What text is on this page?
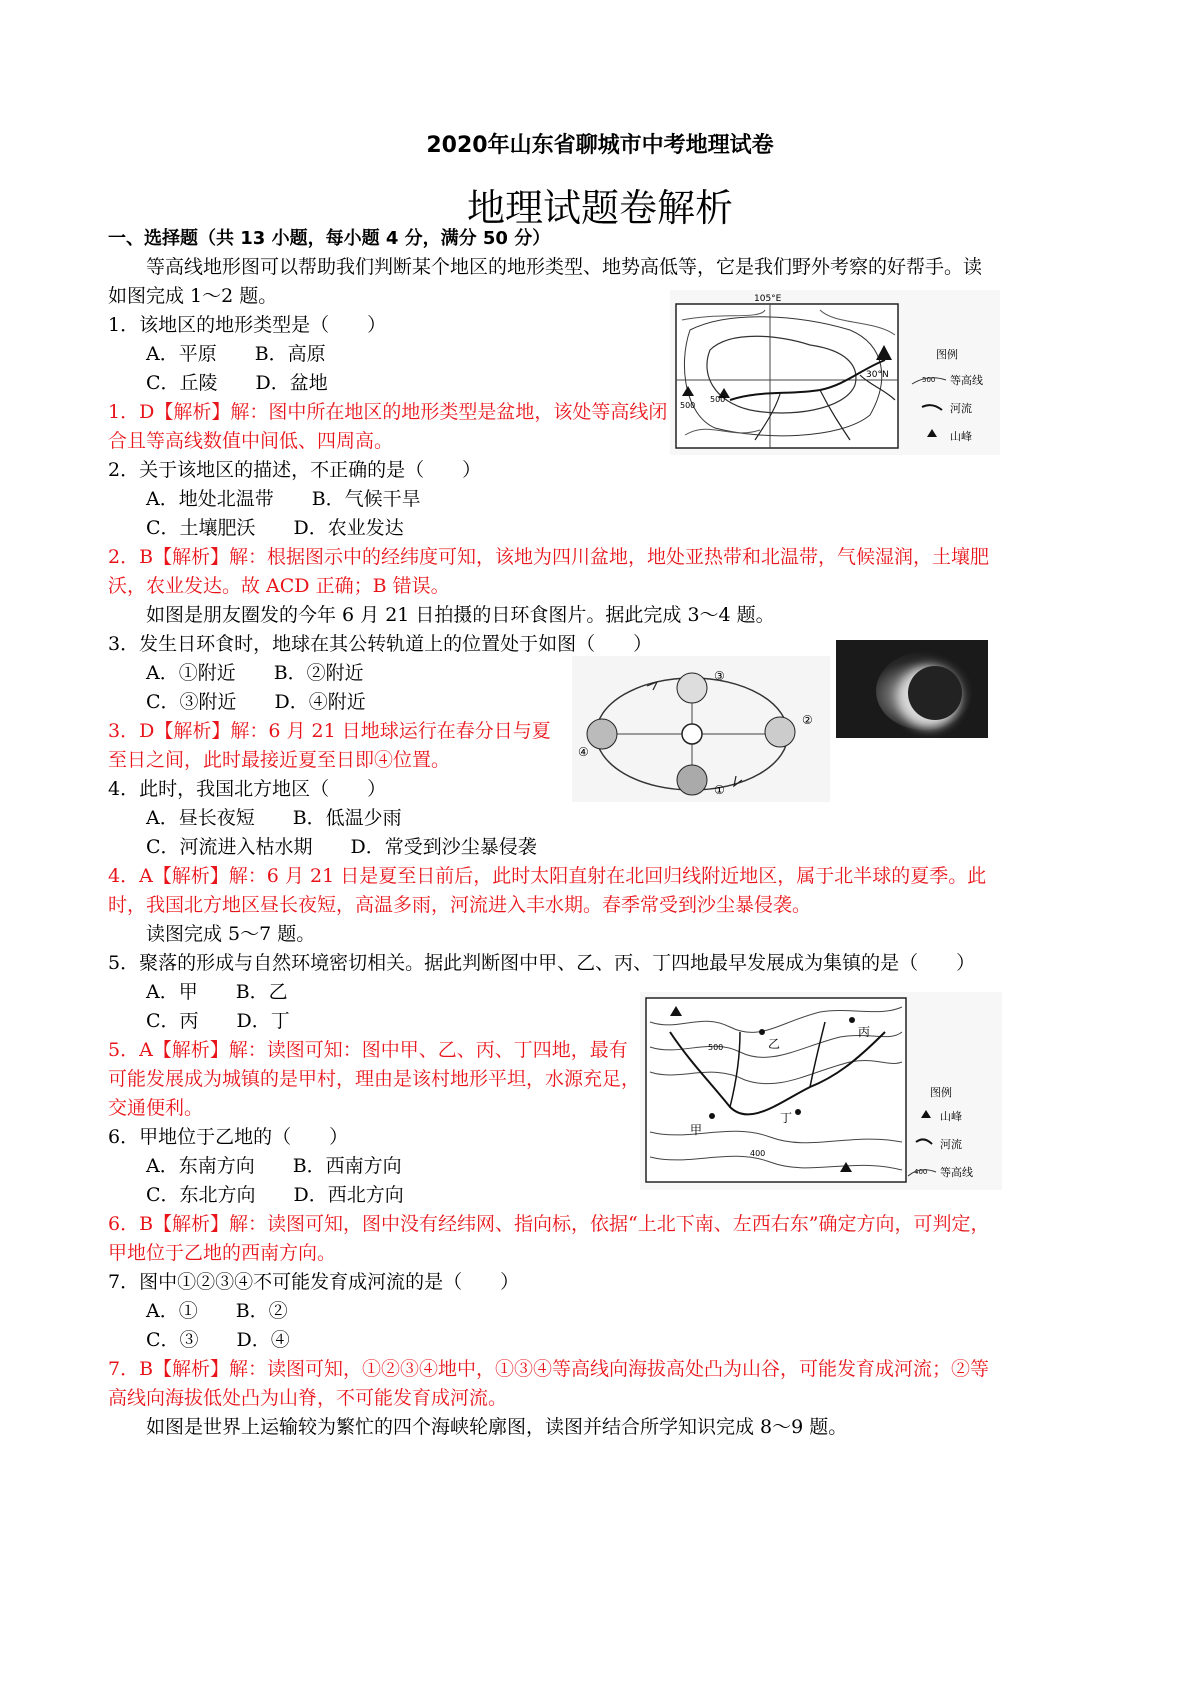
2020年山东省聊城市中考地理试卷
地理试题卷解析
一、选择题（共 13 小题，每小题 4 分，满分 50 分）
等高线地形图可以帮助我们判断某个地区的地形类型、地势高低等，它是我们野外考察的好帮手。读
如图完成 1～2 题。
1．该地区的地形类型是（　　）
A．平原　　B．高原
C．丘陵　　D．盆地
1．D【解析】解：图中所在地区的地形类型是盆地，该处等高线闭
合且等高线数值中间低、四周高。
2．关于该地区的描述，不正确的是（　　）
A．地处北温带　　B．气候干旱
C．土壤肥沃　　D．农业发达
2．B【解析】解：根据图示中的经纬度可知，该地为四川盆地，地处亚热带和北温带，气候湿润，土壤肥
沃，农业发达。故 ACD 正确；B 错误。
如图是朋友圈发的今年 6 月 21 日拍摄的日环食图片。据此完成 3～4 题。
3．发生日环食时，地球在其公转轨道上的位置处于如图（　　）
A．①附近　　B．②附近
C．③附近　　D．④附近
3．D【解析】解：6 月 21 日地球运行在春分日与夏
至日之间，此时最接近夏至日即④位置。
4．此时，我国北方地区（　　）
A．昼长夜短　　B．低温少雨
C．河流进入枯水期　　D．常受到沙尘暴侵袭
4．A【解析】解：6 月 21 日是夏至日前后，此时太阳直射在北回归线附近地区，属于北半球的夏季。此
时，我国北方地区昼长夜短，高温多雨，河流进入丰水期。春季常受到沙尘暴侵袭。
读图完成 5～7 题。
5．聚落的形成与自然环境密切相关。据此判断图中甲、乙、丙、丁四地最早发展成为集镇的是（　　）
A．甲　　B．乙
C．丙　　D．丁
5．A【解析】解：读图可知：图中甲、乙、丙、丁四地，最有
可能发展成为城镇的是甲村，理由是该村地形平坦，水源充足，
交通便利。
6．甲地位于乙地的（　　）
A．东南方向　　B．西南方向
C．东北方向　　D．西北方向
6．B【解析】解：读图可知，图中没有经纬网、指向标，依据“上北下南、左西右东”确定方向，可判定，
甲地位于乙地的西南方向。
7．图中①②③④不可能发育成河流的是（　　）
A．①　　B．②
C．③　　D．④
7．B【解析】解：读图可知，①②③④地中，①③④等高线向海拔高处凸为山谷，可能发育成河流；②等
高线向海拔低处凸为山脊，不可能发育成河流。
如图是世界上运输较为繁忙的四个海峡轮廓图，读图并结合所学知识完成 8～9 题。
105°E
30°N
500
500
图例
500 等高线
河流
山峰
③
②
①
④
甲
乙
丙
丁
500
400
图例
山峰
河流
400 等高线
